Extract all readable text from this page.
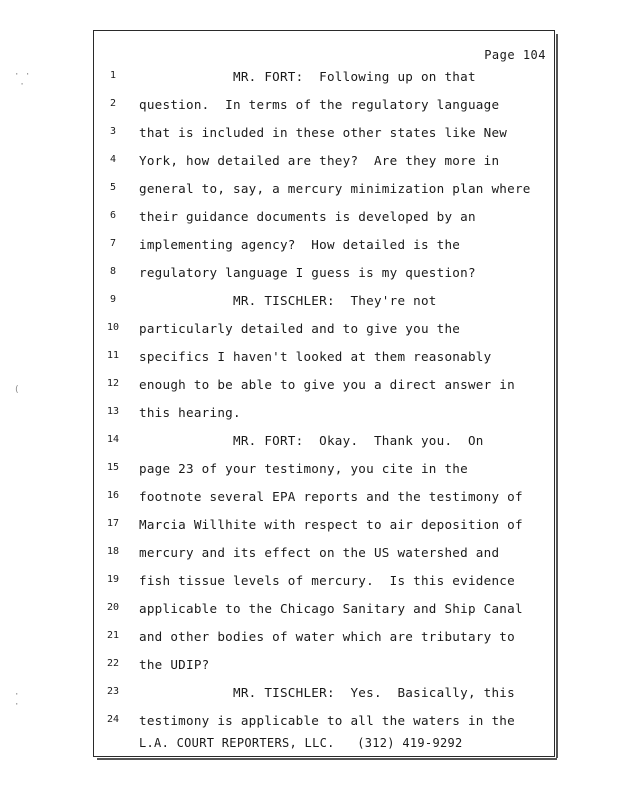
· ·
·
(
·
·
Page 104
1	MR. FORT:  Following up on that
2	question.  In terms of the regulatory language
3	that is included in these other states like New
4	York, how detailed are they?  Are they more in
5	general to, say, a mercury minimization plan where
6	their guidance documents is developed by an
7	implementing agency?  How detailed is the
8	regulatory language I guess is my question?
9	MR. TISCHLER:  They're not
10	particularly detailed and to give you the
11	specifics I haven't looked at them reasonably
12	enough to be able to give you a direct answer in
13	this hearing.
14	MR. FORT:  Okay.  Thank you.  On
15	page 23 of your testimony, you cite in the
16	footnote several EPA reports and the testimony of
17	Marcia Willhite with respect to air deposition of
18	mercury and its effect on the US watershed and
19	fish tissue levels of mercury.  Is this evidence
20	applicable to the Chicago Sanitary and Ship Canal
21	and other bodies of water which are tributary to
22	the UDIP?
23	MR. TISCHLER:  Yes.  Basically, this
24	testimony is applicable to all the waters in the
L.A. COURT REPORTERS, LLC.   (312) 419-9292
